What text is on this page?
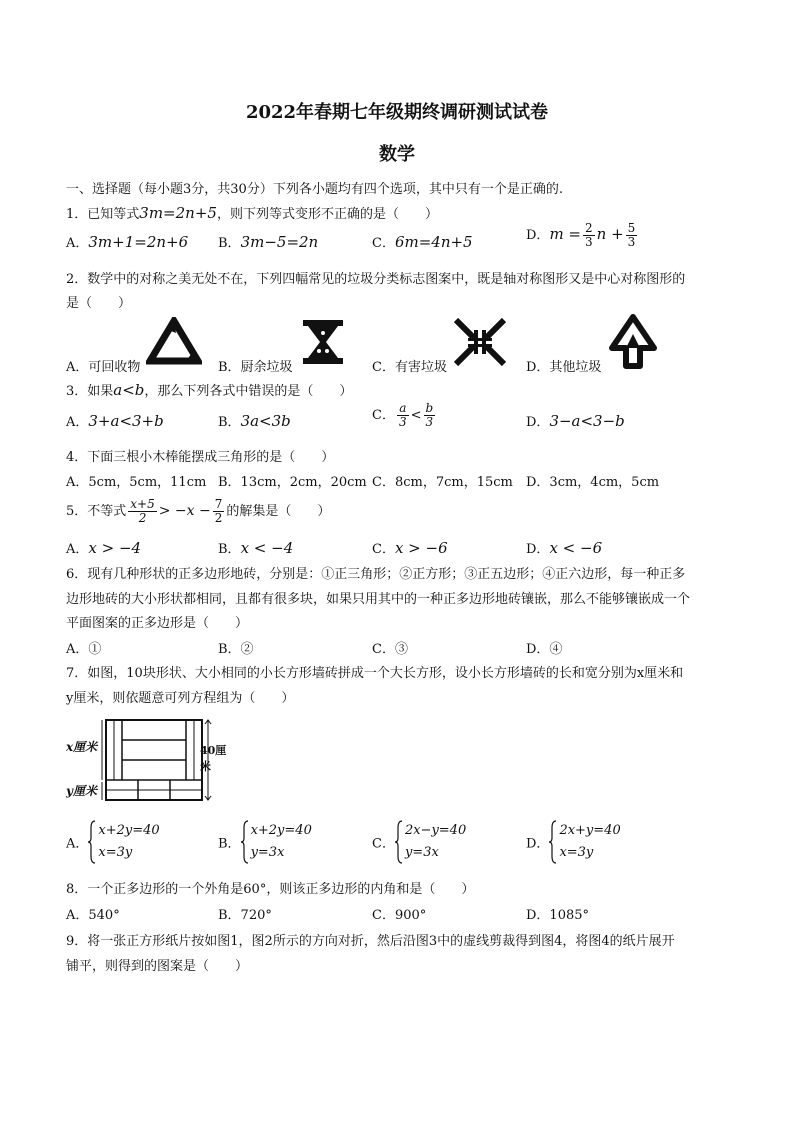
2022年春期七年级期终调研测试试卷
数学
一、选择题（每小题3分，共30分）下列各小题均有四个选项，其中只有一个是正确的.
1．已知等式3m=2n+5，则下列等式变形不正确的是（　　）
A．3m+1=2n+6 B．3m−5=2n	C．6m=4n+5	D．$m = \frac{2}{3}$ $n + \frac{5}{3}$
2．数学中的对称之美无处不在，下列四幅常见的垃圾分类标志图案中，既是轴对称图形又是中心对称图形的
是（　　）
A．可回收物	B．厨余垃圾	C．有害垃圾	D．其他垃圾
3．如果a<b，那么下列各式中错误的是（　　）
A．3+a<3+b	B．3a<3b	C． $\frac{a}{3} < \frac{b}{3}$	D．3−a<3−b
4．下面三根小木棒能摆成三角形的是（　　）
A．5cm，5cm，11cm B．13cm，2cm，20cm C．8cm，7cm，15cm D．3cm，4cm，5cm
5．不等式 $\frac{x+5}{2} > -x - \frac{7}{2}$ 的解集是（　　）
A．x > −4	B．x < −4	C．x > −6	D．x < −6
6．现有几种形状的正多边形地砖，分别是：①正三角形；②正方形；③正五边形；④正六边形，每一种正多
边形地砖的大小形状都相同，且都有很多块，如果只用其中的一种正多边形地砖镶嵌，那么不能够镶嵌成一个
平面图案的正多边形是（　　）
A．①	B．②	C．③	D．④
7．如图，10块形状、大小相同的小长方形墙砖拼成一个大长方形，设小长方形墙砖的长和宽分别为x厘米和
y厘米，则依题意可列方程组为（　　）
x厘米
y厘米
40厘米
A．
x+2y=40
x=3y
B．
x+2y=40
y=3x
C．
2x−y=40
y=3x
D．
2x+y=40
x=3y
8．一个正多边形的一个外角是60°，则该正多边形的内角和是（　　）
A．540°	B．720°	C．900°	D．1085°
9．将一张正方形纸片按如图1，图2所示的方向对折，然后沿图3中的虚线剪裁得到图4，将图4的纸片展开
铺平，则得到的图案是（　　）
